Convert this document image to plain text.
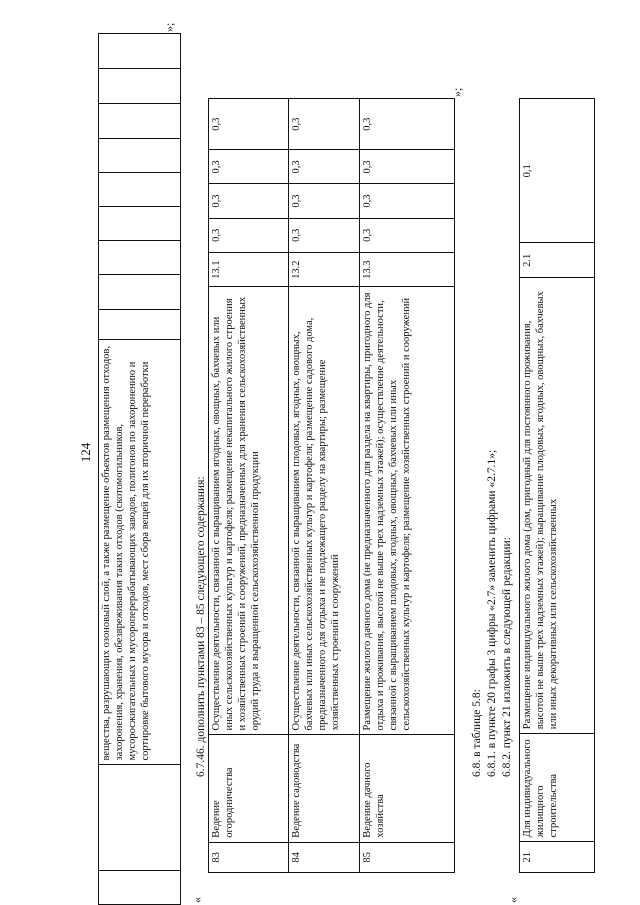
124
		вещества, разрушающих озоновый слой, а также размещение объектов размещения отходов, захоронения, хранения, обезвреживания таких отходов (скотомогильников, мусоросжигательных и мусороперерабатывающих заводов, полигонов по захоронению и сортировке бытового мусора и отходов, мест сбора вещей для их вторичной переработки									
»;
6.7.46. дополнить пунктами 83 – 85 следующего содержания:
«
83	Ведение огородничества	Осуществление деятельности, связанной с выращиванием ягодных, овощных, бахчевых или иных сельскохозяйственных культур и картофеля; размещение некапитального жилого строения и хозяйственных строений и сооружений, предназначенных для хранения сельскохозяйственных орудий труда и выращенной сельскохозяйственной продукции	13.1	0,3	0,3	0,3	0,3
84	Ведение садоводства	Осуществление деятельности, связанной с выращиванием плодовых, ягодных, овощных, бахчевых или иных сельскохозяйственных культур и картофеля; размещение садового дома, предназначенного для отдыха и не подлежащего разделу на квартиры; размещение хозяйственных строений и сооружений	13.2	0,3	0,3	0,3	0,3
85	Ведение дачного хозяйства	Размещение жилого дачного дома (не предназначенного для раздела на квартиры, пригодного для отдыха и проживания, высотой не выше трех надземных этажей); осуществление деятельности, связанной с выращиванием плодовых, ягодных, овощных, бахчевых или иных сельскохозяйственных культур и картофеля; размещение хозяйственных строений и сооружений	13.3	0,3	0,3	0,3	0,3
»;
6.8. в таблице 5.8: 6.8.1. в пункте 20 графы 3 цифры «2.7» заменить цифрами «2.7.1»; 6.8.2. пункт 21 изложить в следующей редакции:
«
21	Для индивидуального жилищного строительства	Размещение индивидуального жилого дома (дом, пригодный для постоянного проживания, высотой не выше трех надземных этажей); выращивание плодовых, ягодных, овощных, бахчевых или иных декоративных или сельскохозяйственных	2.1	0,1
